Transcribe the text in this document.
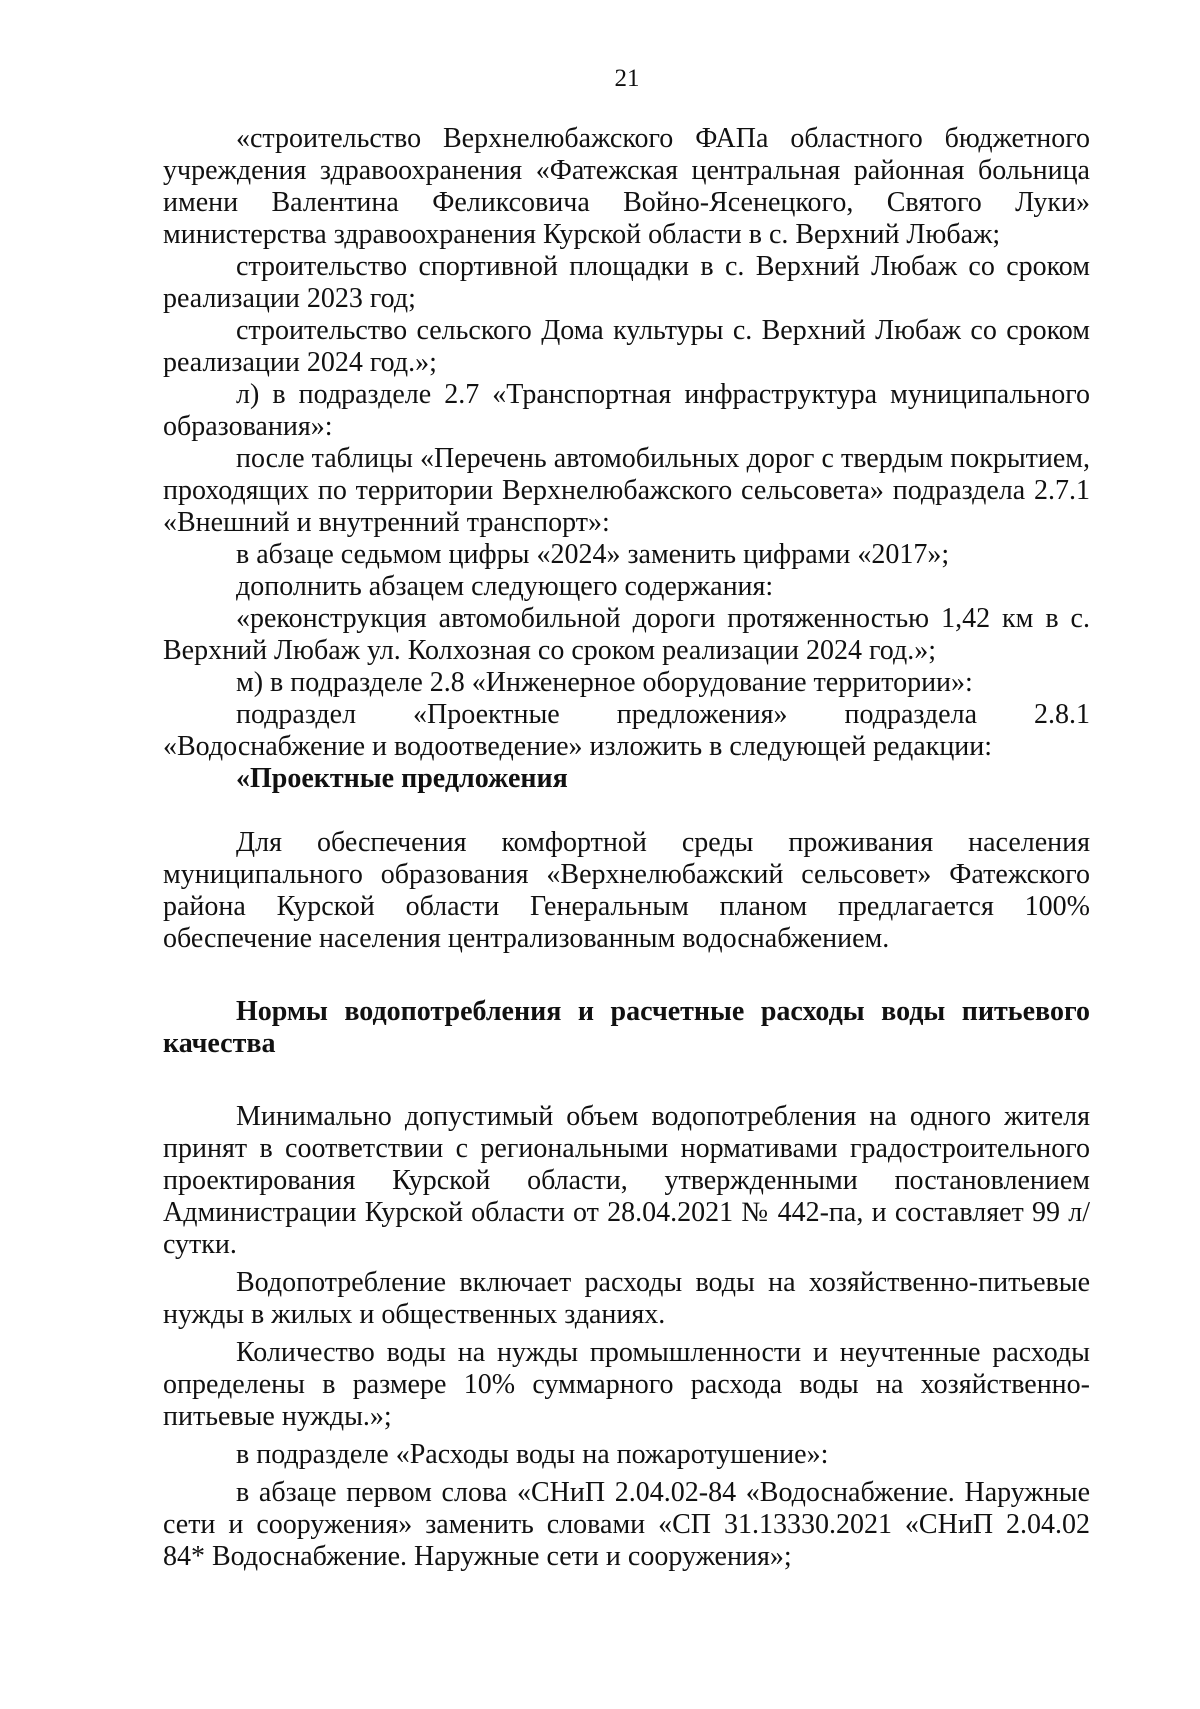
21

«строительство Верхнелюбажского ФАПа областного бюджетного учреждения здравоохранения «Фатежская центральная районная больница имени Валентина Феликсовича Войно-Ясенецкого, Святого Луки» министерства здравоохранения Курской области в с. Верхний Любаж;

строительство спортивной площадки в с. Верхний Любаж со сроком реализации 2023 год;

строительство сельского Дома культуры с. Верхний Любаж со сроком реализации 2024 год.»;

л) в подразделе 2.7 «Транспортная инфраструктура муниципального образования»:

после таблицы «Перечень автомобильных дорог с твердым покрытием, проходящих по территории Верхнелюбажского сельсовета» подраздела 2.7.1 «Внешний и внутренний транспорт»:

в абзаце седьмом цифры «2024» заменить цифрами «2017»;

дополнить абзацем следующего содержания:

«реконструкция автомобильной дороги протяженностью 1,42 км в с. Верхний Любаж ул. Колхозная со сроком реализации 2024 год.»;

м) в подразделе 2.8 «Инженерное оборудование территории»:

подраздел «Проектные предложения» подраздела 2.8.1 «Водоснабжение и водоотведение» изложить в следующей редакции:

«Проектные предложения

Для обеспечения комфортной среды проживания населения муниципального образования «Верхнелюбажский сельсовет» Фатежского района Курской области Генеральным планом предлагается 100% обеспечение населения централизованным водоснабжением.

Нормы водопотребления и расчетные расходы воды питьевого качества

Минимально допустимый объем водопотребления на одного жителя принят в соответствии с региональными нормативами градостроительного проектирования Курской области, утвержденными постановлением Администрации Курской области от 28.04.2021 № 442-па, и составляет 99 л/сутки.

Водопотребление включает расходы воды на хозяйственно-питьевые нужды в жилых и общественных зданиях.

Количество воды на нужды промышленности и неучтенные расходы определены в размере 10% суммарного расхода воды на хозяйственно-питьевые нужды.»;

в подразделе «Расходы воды на пожаротушение»:

в абзаце первом слова «СНиП 2.04.02-84 «Водоснабжение. Наружные сети и сооружения» заменить словами «СП 31.13330.2021 «СНиП 2.04.02 84* Водоснабжение. Наружные сети и сооружения»;
